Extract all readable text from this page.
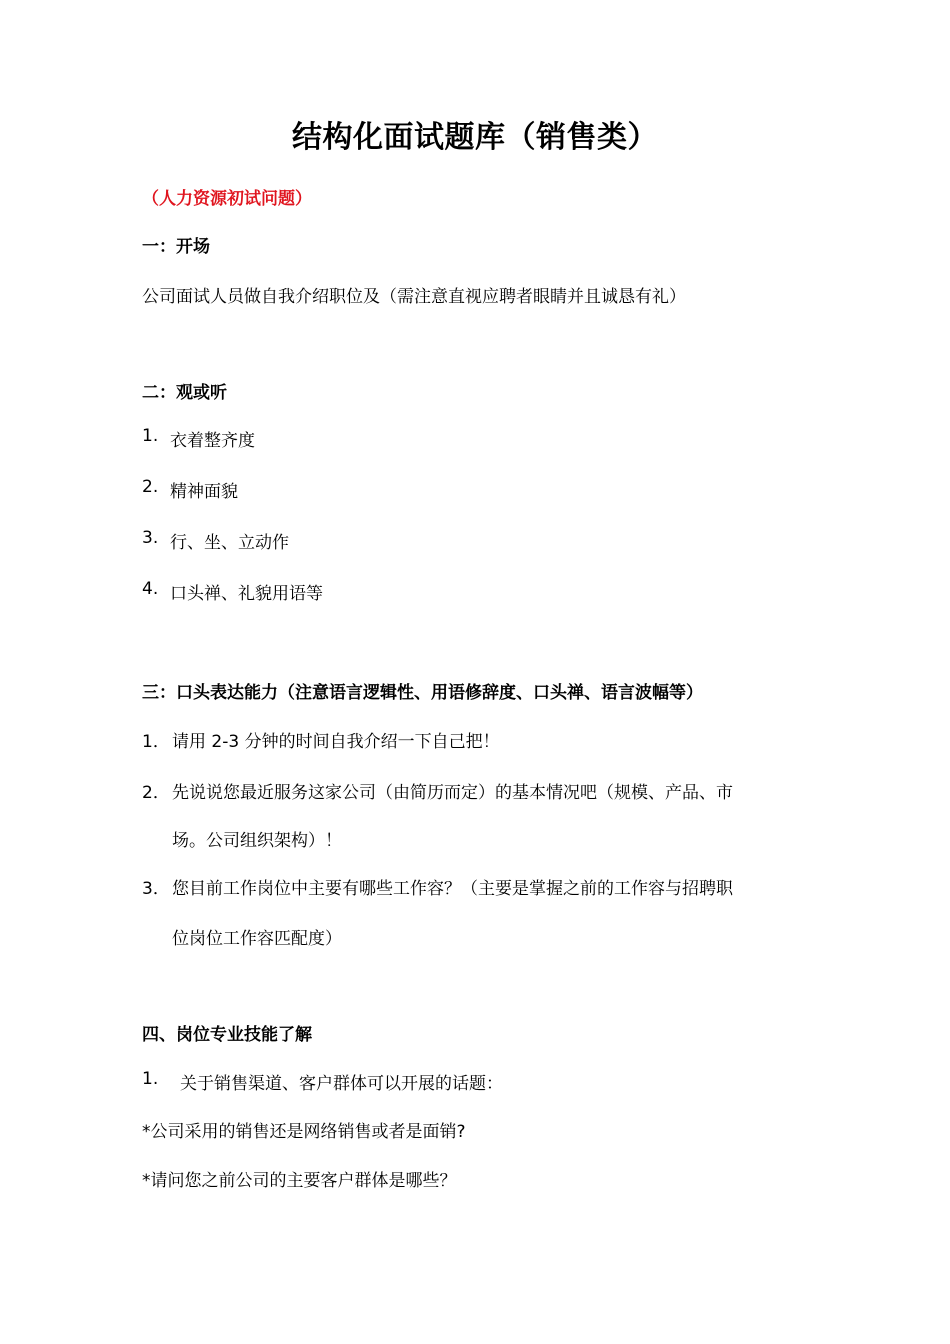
结构化面试题库（销售类）
（人力资源初试问题）
一：开场
公司面试人员做自我介绍职位及（需注意直视应聘者眼睛并且诚恳有礼）
二：观或听
1. 衣着整齐度
2. 精神面貌
3. 行、坐、立动作
4. 口头禅、礼貌用语等
三：口头表达能力（注意语言逻辑性、用语修辞度、口头禅、语言波幅等）
1． 请用 2-3 分钟的时间自我介绍一下自己把！
2． 先说说您最近服务这家公司（由简历而定）的基本情况吧（规模、产品、市
场。公司组织架构）！
3． 您目前工作岗位中主要有哪些工作容？（主要是掌握之前的工作容与招聘职
位岗位工作容匹配度）
四、岗位专业技能了解
1. 关于销售渠道、客户群体可以开展的话题：
*公司采用的销售还是网络销售或者是面销?
*请问您之前公司的主要客户群体是哪些？
